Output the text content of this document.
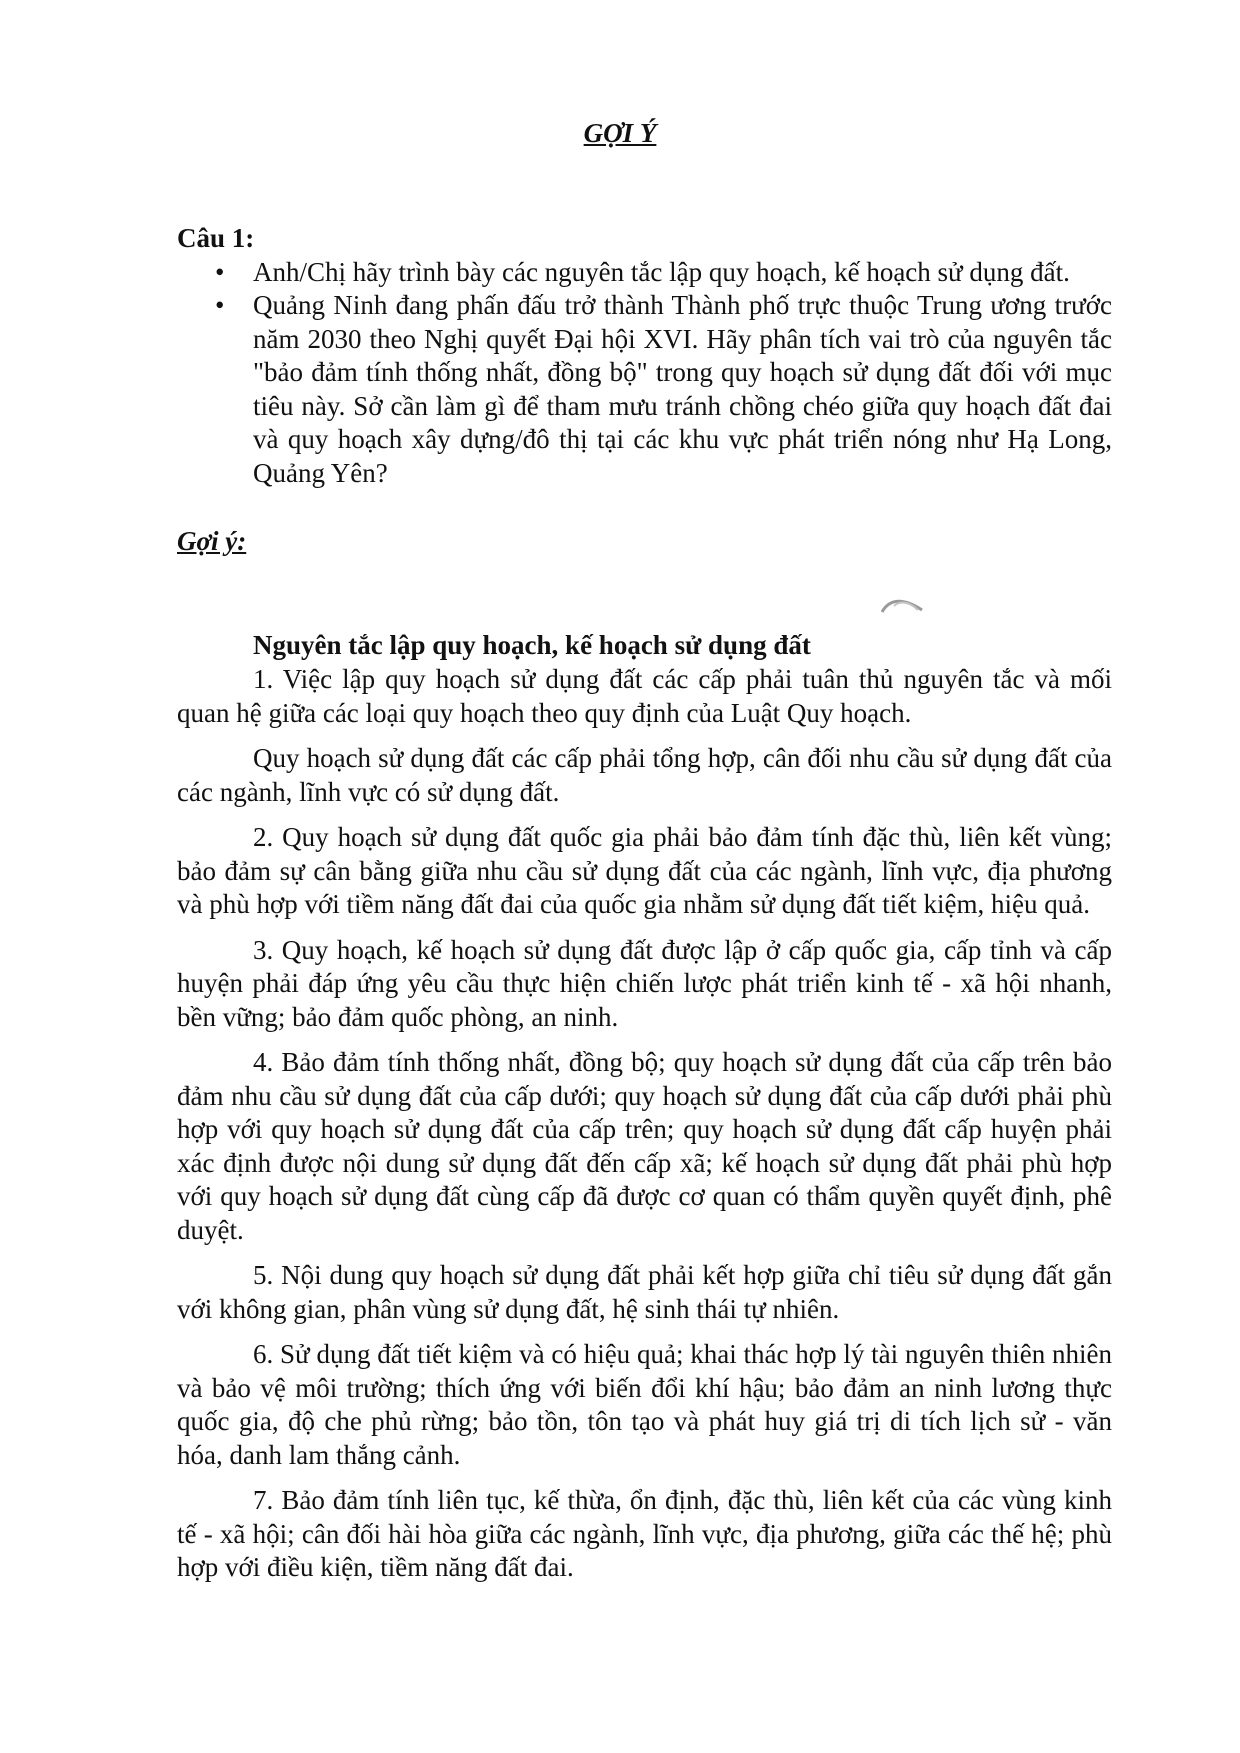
GỢI Ý

Câu 1:

• Anh/Chị hãy trình bày các nguyên tắc lập quy hoạch, kế hoạch sử dụng đất.
• Quảng Ninh đang phấn đấu trở thành Thành phố trực thuộc Trung ương trước năm 2030 theo Nghị quyết Đại hội XVI. Hãy phân tích vai trò của nguyên tắc "bảo đảm tính thống nhất, đồng bộ" trong quy hoạch sử dụng đất đối với mục tiêu này. Sở cần làm gì để tham mưu tránh chồng chéo giữa quy hoạch đất đai và quy hoạch xây dựng/đô thị tại các khu vực phát triển nóng như Hạ Long, Quảng Yên?

Gợi ý:

Nguyên tắc lập quy hoạch, kế hoạch sử dụng đất

1. Việc lập quy hoạch sử dụng đất các cấp phải tuân thủ nguyên tắc và mối quan hệ giữa các loại quy hoạch theo quy định của Luật Quy hoạch.

Quy hoạch sử dụng đất các cấp phải tổng hợp, cân đối nhu cầu sử dụng đất của các ngành, lĩnh vực có sử dụng đất.

2. Quy hoạch sử dụng đất quốc gia phải bảo đảm tính đặc thù, liên kết vùng; bảo đảm sự cân bằng giữa nhu cầu sử dụng đất của các ngành, lĩnh vực, địa phương và phù hợp với tiềm năng đất đai của quốc gia nhằm sử dụng đất tiết kiệm, hiệu quả.

3. Quy hoạch, kế hoạch sử dụng đất được lập ở cấp quốc gia, cấp tỉnh và cấp huyện phải đáp ứng yêu cầu thực hiện chiến lược phát triển kinh tế - xã hội nhanh, bền vững; bảo đảm quốc phòng, an ninh.

4. Bảo đảm tính thống nhất, đồng bộ; quy hoạch sử dụng đất của cấp trên bảo đảm nhu cầu sử dụng đất của cấp dưới; quy hoạch sử dụng đất của cấp dưới phải phù hợp với quy hoạch sử dụng đất của cấp trên; quy hoạch sử dụng đất cấp huyện phải xác định được nội dung sử dụng đất đến cấp xã; kế hoạch sử dụng đất phải phù hợp với quy hoạch sử dụng đất cùng cấp đã được cơ quan có thẩm quyền quyết định, phê duyệt.

5. Nội dung quy hoạch sử dụng đất phải kết hợp giữa chỉ tiêu sử dụng đất gắn với không gian, phân vùng sử dụng đất, hệ sinh thái tự nhiên.

6. Sử dụng đất tiết kiệm và có hiệu quả; khai thác hợp lý tài nguyên thiên nhiên và bảo vệ môi trường; thích ứng với biến đổi khí hậu; bảo đảm an ninh lương thực quốc gia, độ che phủ rừng; bảo tồn, tôn tạo và phát huy giá trị di tích lịch sử - văn hóa, danh lam thắng cảnh.

7. Bảo đảm tính liên tục, kế thừa, ổn định, đặc thù, liên kết của các vùng kinh tế - xã hội; cân đối hài hòa giữa các ngành, lĩnh vực, địa phương, giữa các thế hệ; phù hợp với điều kiện, tiềm năng đất đai.
